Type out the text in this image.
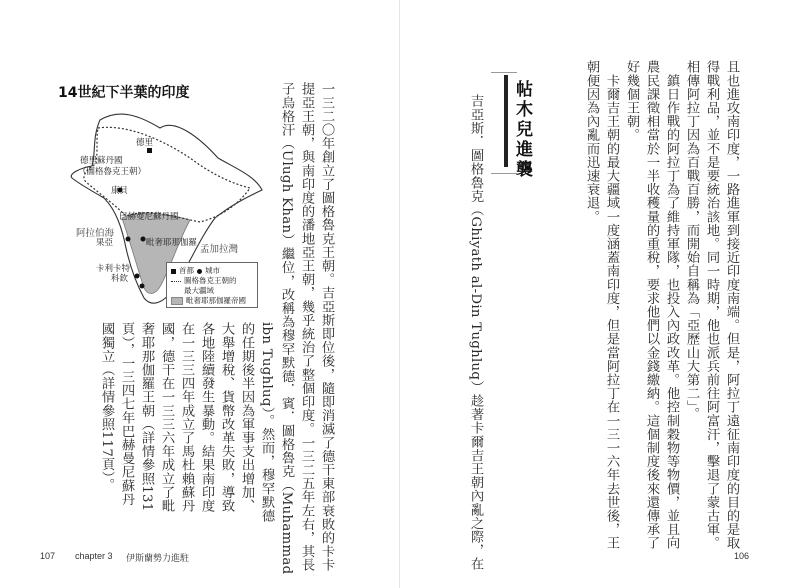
且也進攻南印度，一路進軍到接近印度南端。但是，阿拉丁遠征南印度的目的是取
得戰利品，並不是要統治該地。同一時期，他也派兵前往阿富汗，擊退了蒙古軍。
相傳阿拉丁因為百戰百勝，而開始自稱為「亞歷山大第二」。
　鎮日作戰的阿拉丁為了維持軍隊，也投入內政改革。他控制穀物等物價，並且向
農民課徵相當於一半收穫量的重稅，要求他們以金錢繳納。這個制度後來還傳承了
好幾個王朝。
　卡爾吉王朝的最大疆域一度涵蓋南印度，但是當阿拉丁在一三一六年去世後，王
朝便因為內亂而迅速衰退。
帖木兒進襲
吉亞斯．圖格魯克（Ghiyath al-Din Tughluq）趁著卡爾吉王朝內亂之際，在
一三二〇年創立了圖格魯克王朝。吉亞斯即位後，隨即消滅了德干東部衰敗的卡卡
提亞王朝，與南印度的潘地亞王朝，幾乎統治了整個印度。一三二五年左右，其長
子烏格汗（Ulugh Khan）繼位，改稱為穆罕默德．賓．圖格魯克（Muhammad
ibn Tughluq）。然而，穆罕默德
的任期後半因為軍事支出增加、
大舉增稅、貨幣改革失敗，導致
各地陸續發生暴動。結果南印度
在一三三四年成立了馬杜賴蘇丹
國，德干在一三三六年成立了毗
奢耶那伽羅王朝（詳情參照131
頁），一三四七年巴赫曼尼蘇丹
國獨立（詳情參照117頁）。
14世紀下半葉的印度
德里
德里蘇丹國
（圖格魯克王朝）
康貝
巴赫曼尼蘇丹國
阿拉伯海
果亞	毗奢耶那伽羅
孟加拉灣
卡利卡特
科欽
首都 城市
圖格魯克王朝的
最大疆域
毗奢耶那伽羅帝國
107 chapter 3 伊斯蘭勢力進駐	106
